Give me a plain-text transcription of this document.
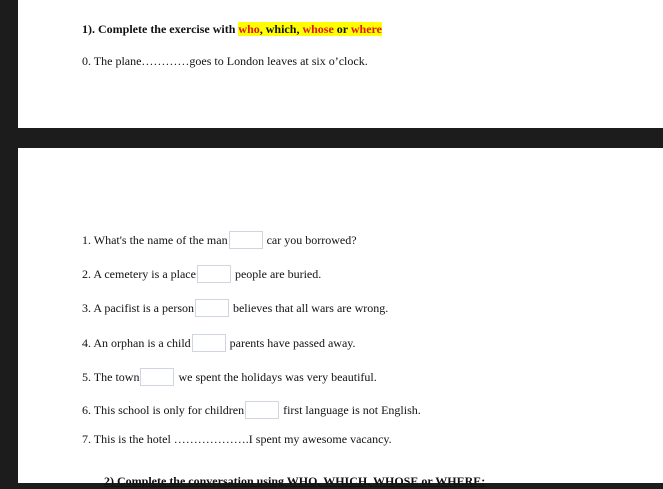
1). Complete the exercise with who, which, whose or where
0. The plane…………goes to London leaves at six o’clock.
1. What's the name of the man	car you borrowed?
2. A cemetery is a place	people are buried.
3. A pacifist is a person	believes that all wars are wrong.
4. An orphan is a child	parents have passed away.
5. The town	we spent the holidays was very beautiful.
6. This school is only for children	first language is not English.
7. This is the hotel ……………….I spent my awesome vacancy.
2) Complete the conversation using WHO, WHICH, WHOSE or WHERE:
